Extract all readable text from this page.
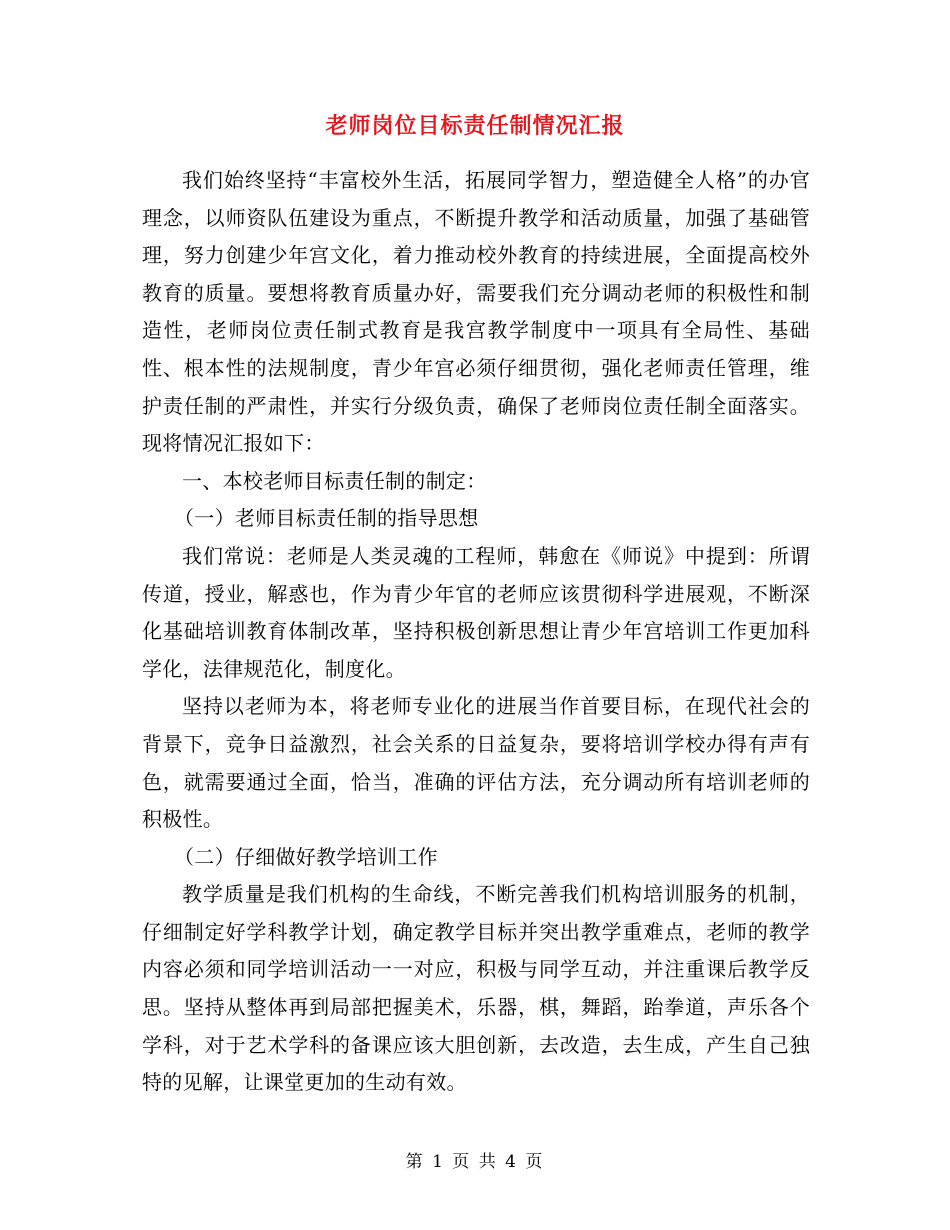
老师岗位目标责任制情况汇报

我们始终坚持“丰富校外生活，拓展同学智力，塑造健全人格”的办官理念，以师资队伍建设为重点，不断提升教学和活动质量，加强了基础管理，努力创建少年宫文化，着力推动校外教育的持续进展，全面提高校外教育的质量。要想将教育质量办好，需要我们充分调动老师的积极性和制造性，老师岗位责任制式教育是我宫教学制度中一项具有全局性、基础性、根本性的法规制度，青少年宫必须仔细贯彻，强化老师责任管理，维护责任制的严肃性，并实行分级负责，确保了老师岗位责任制全面落实。现将情况汇报如下：

一、本校老师目标责任制的制定：

（一）老师目标责任制的指导思想

我们常说：老师是人类灵魂的工程师，韩愈在《师说》中提到：所谓传道，授业，解惑也，作为青少年官的老师应该贯彻科学进展观，不断深化基础培训教育体制改革，坚持积极创新思想让青少年宫培训工作更加科学化，法律规范化，制度化。

坚持以老师为本，将老师专业化的进展当作首要目标，在现代社会的背景下，竞争日益激烈，社会关系的日益复杂，要将培训学校办得有声有色，就需要通过全面，恰当，准确的评估方法，充分调动所有培训老师的积极性。

（二）仔细做好教学培训工作

教学质量是我们机构的生命线，不断完善我们机构培训服务的机制，仔细制定好学科教学计划，确定教学目标并突出教学重难点，老师的教学内容必须和同学培训活动一一对应，积极与同学互动，并注重课后教学反思。坚持从整体再到局部把握美术，乐器，棋，舞蹈，跆拳道，声乐各个学科，对于艺术学科的备课应该大胆创新，去改造，去生成，产生自己独特的见解，让课堂更加的生动有效。

第 1 页 共 4 页
